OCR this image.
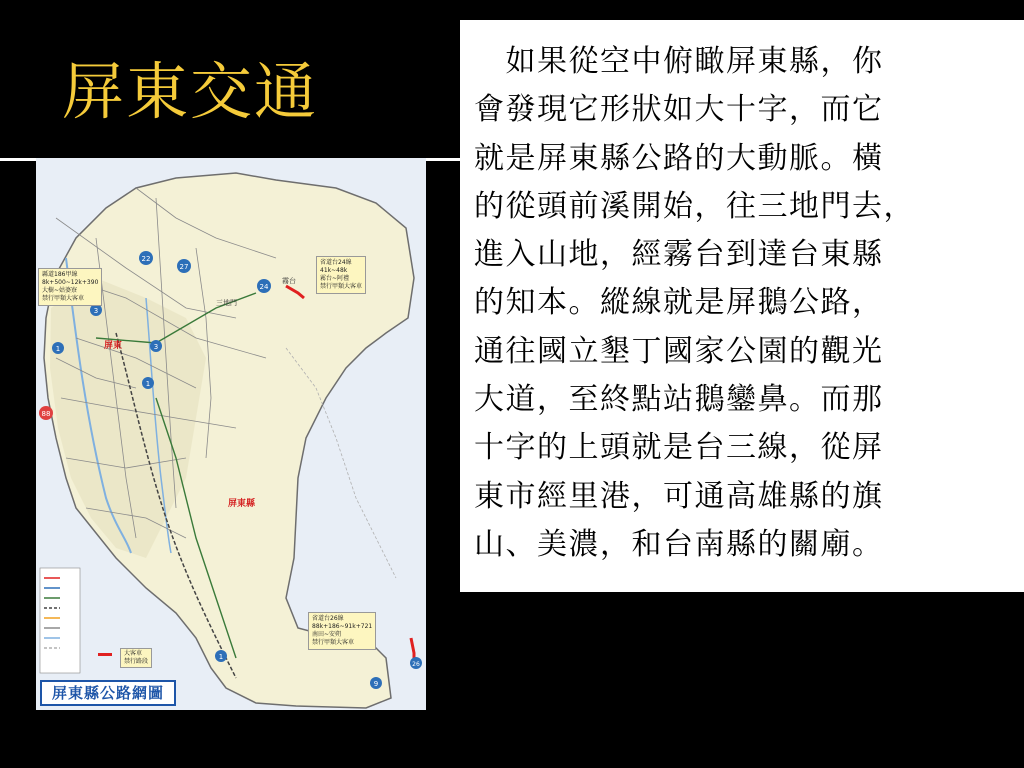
屏東交通	　如果從空中俯瞰屏東縣，你
會發現它形狀如大十字，而它
就是屏東縣公路的大動脈。橫
的從頭前溪開始，往三地門去，
進入山地，經霧台到達台東縣
的知本。縱線就是屏鵝公路，
通往國立墾丁國家公園的觀光
大道，至終點站鵝鑾鼻。而那
十字的上頭就是台三線，從屏
東市經里港，可通高雄縣的旗
山、美濃，和台南縣的關廟。

22
27
24
3
3
1
88
1
1
9
26
屏東
屏東縣
三地門
霧台
省道台24線
41k~48k
霧台~阿禮
禁行甲類大客車
省道台26線
88k+186~91k+721
南田~安朔
禁行甲類大客車
縣道186甲線
8k+500~12k+390
大樹~姑婆寮
禁行甲類大客車
大客車
禁行路段
屏東縣公路網圖
